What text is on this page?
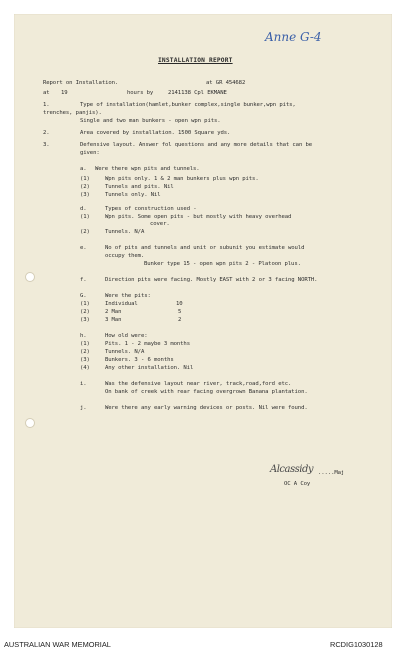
Anne G-4
INSTALLATION REPORT
Report on Installation.	at GR 454682
at 19	hours by	2141138 Cpl EKMANE
1.	Type of installation(hamlet,bunker complex,single bunker,wpn pits,
trenches, panjis).
Single and two man bunkers - open wpn pits.
2.	Area covered by installation. 1500 Square yds.
3.	Defensive layout. Answer fol questions and any more details that can be
given:
a. Were there wpn pits and tunnels.
(1)	Wpn pits only. 1 & 2 man bunkers plus wpn pits.
(2)	Tunnels and pits. Nil
(3)	Tunnels only. Nil
d.	Types of construction used -
(1)	Wpn pits. Some open pits - but mostly with heavy overhead
cover.
(2)	Tunnels. N/A
e.	No of pits and tunnels and unit or subunit you estimate would
occupy them.
Bunker type 15 - open wpn pits 2 - Platoon plus.
f.	Direction pits were facing. Mostly EAST with 2 or 3 facing NORTH.
G.	Were the pits:
(1)	Individual	10
(2)	2 Man	5
(3)	3 Man	2
h.	How old were:
(1)	Pits. 1 - 2 maybe 3 months
(2)	Tunnels. N/A
(3)	Bunkers. 3 - 6 months
(4)	Any other installation. Nil
i.	Was the defensive layout near river, track,road,ford etc.
On bank of creek with rear facing overgrown Banana plantation.
j.	Were there any early warning devices or posts. Nil were found.
Alcassidy .....Maj
OC A Coy
AUSTRALIAN WAR MEMORIAL	RCDIG1030128
